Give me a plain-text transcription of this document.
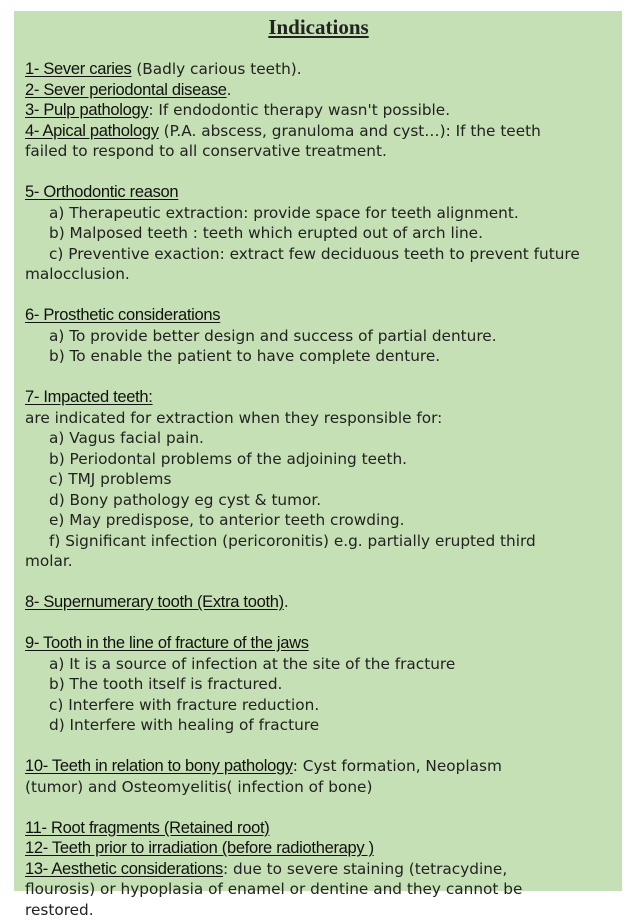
Indications

1- Sever caries (Badly carious teeth).

2- Sever periodontal disease.

3- Pulp pathology: If endodontic therapy wasn't possible.

4- Apical pathology (P.A. abscess, granuloma and cyst…): If the teeth

failed to respond to all conservative treatment.

5- Orthodontic reason

a) Therapeutic extraction: provide space for teeth alignment.

b) Malposed teeth : teeth which erupted out of arch line.

c) Preventive exaction: extract few deciduous teeth to prevent future

malocclusion.

6- Prosthetic considerations

a) To provide better design and success of partial denture.

b) To enable the patient to have complete denture.

7- Impacted teeth:

are indicated for extraction when they responsible for:

a) Vagus facial pain.

b) Periodontal problems of the adjoining teeth.

c) TMJ problems

d) Bony pathology eg cyst & tumor.

e) May predispose, to anterior teeth crowding.

f) Significant infection (pericoronitis) e.g. partially erupted third

molar.

8- Supernumerary tooth (Extra tooth).

9- Tooth in the line of fracture of the jaws

a) It is a source of infection at the site of the fracture

b) The tooth itself is fractured.

c) Interfere with fracture reduction.

d) Interfere with healing of fracture

10- Teeth in relation to bony pathology: Cyst formation, Neoplasm

(tumor) and Osteomyelitis( infection of bone)

11- Root fragments (Retained root)

12- Teeth prior to irradiation (before radiotherapy )

13- Aesthetic considerations: due to severe staining (tetracydine,

flourosis) or hypoplasia of enamel or dentine and they cannot be

restored.
